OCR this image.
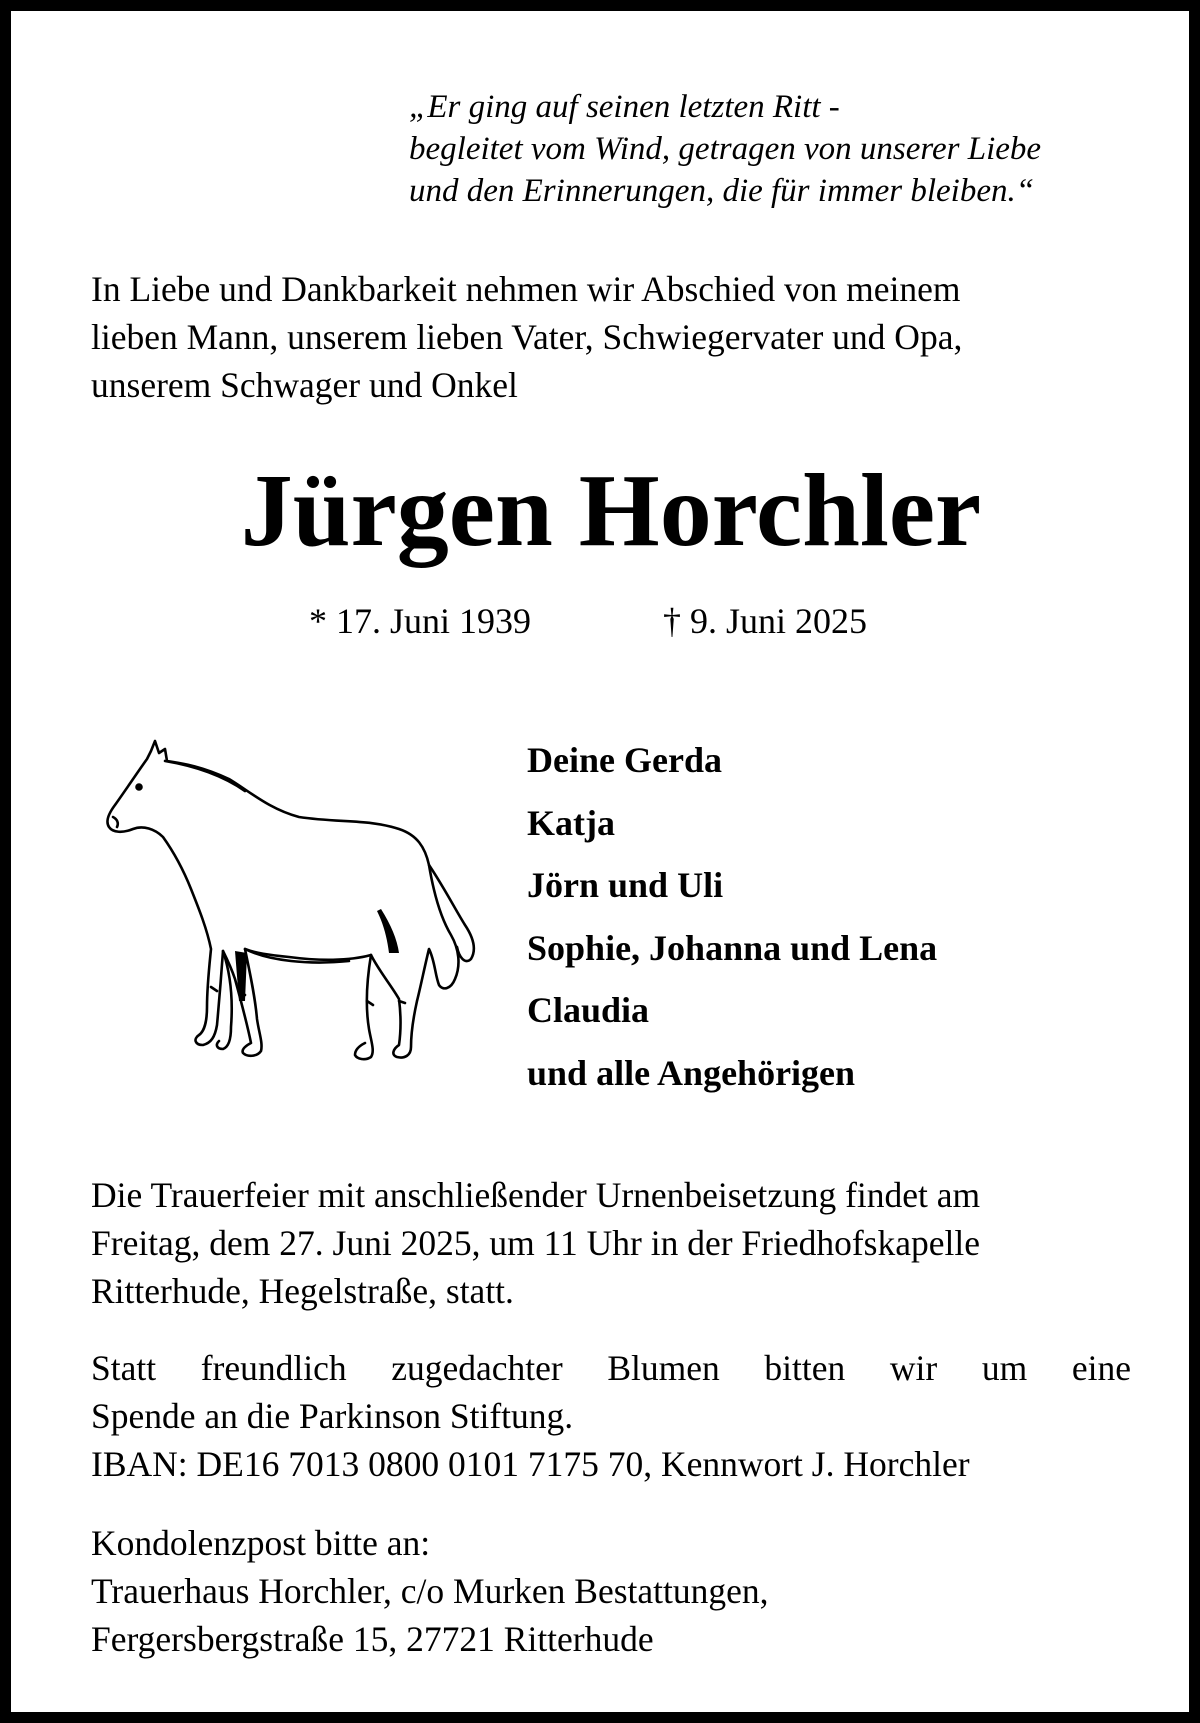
„Er ging auf seinen letzten Ritt -
begleitet vom Wind, getragen von unserer Liebe
und den Erinnerungen, die für immer bleiben.“
In Liebe und Dankbarkeit nehmen wir Abschied von meinem
lieben Mann, unserem lieben Vater, Schwiegervater und Opa,
unserem Schwager und Onkel
Jürgen Horchler
* 17. Juni 1939	† 9. Juni 2025
Deine Gerda
Katja
Jörn und Uli
Sophie, Johanna und Lena
Claudia
und alle Angehörigen
Die Trauerfeier mit anschließender Urnenbeisetzung findet am
Freitag, dem 27. Juni 2025, um 11 Uhr in der Friedhofskapelle
Ritterhude, Hegelstraße, statt.
Statt freundlich zugedachter Blumen bitten wir um eine
Spende an die Parkinson Stiftung.
IBAN: DE16 7013 0800 0101 7175 70, Kennwort J. Horchler
Kondolenzpost bitte an:
Trauerhaus Horchler, c/o Murken Bestattungen,
Fergersbergstraße 15, 27721 Ritterhude
